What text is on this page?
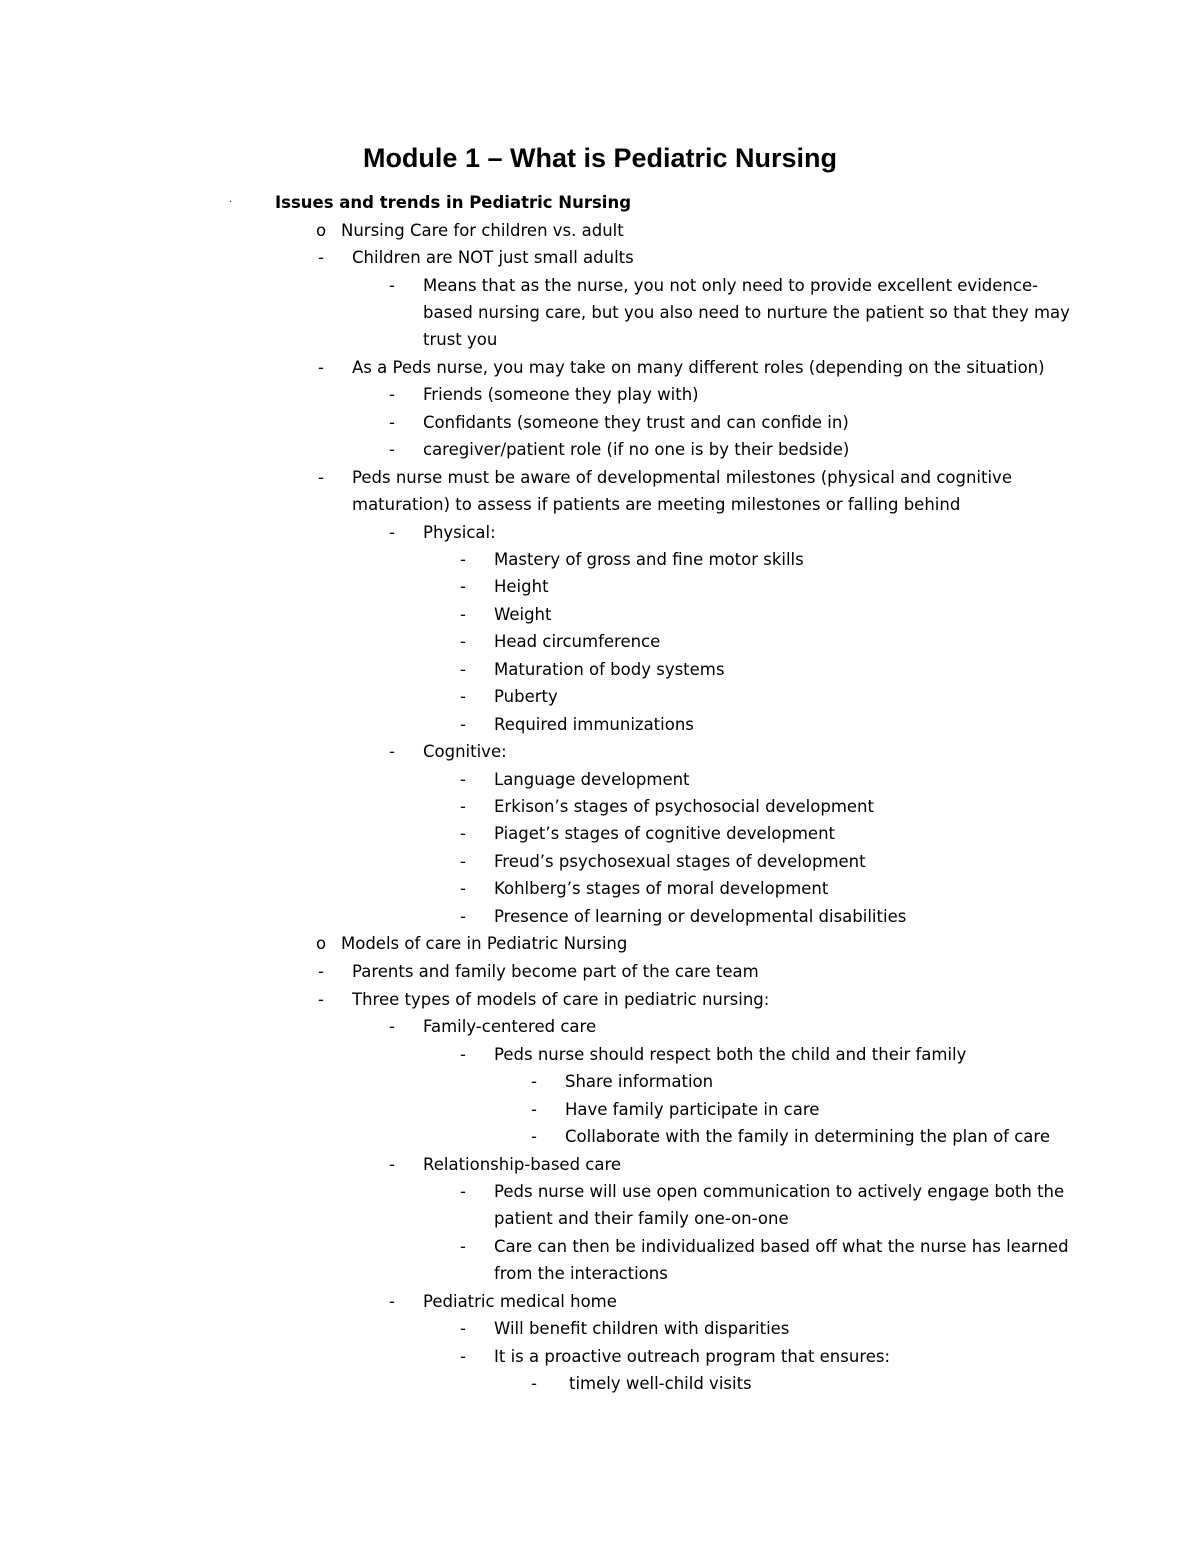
Module 1 – What is Pediatric Nursing
·	Issues and trends in Pediatric Nursing
o Nursing Care for children vs. adult
- Children are NOT just small adults
- Means that as the nurse, you not only need to provide excellent evidence-
based nursing care, but you also need to nurture the patient so that they may
trust you
- As a Peds nurse, you may take on many different roles (depending on the situation)
- Friends (someone they play with)
- Confidants (someone they trust and can confide in)
- caregiver/patient role (if no one is by their bedside)
- Peds nurse must be aware of developmental milestones (physical and cognitive
maturation) to assess if patients are meeting milestones or falling behind
- Physical:
- Mastery of gross and fine motor skills
- Height
- Weight
- Head circumference
- Maturation of body systems
- Puberty
- Required immunizations
- Cognitive:
- Language development
- Erkison’s stages of psychosocial development
- Piaget’s stages of cognitive development
- Freud’s psychosexual stages of development
- Kohlberg’s stages of moral development
- Presence of learning or developmental disabilities
o Models of care in Pediatric Nursing
- Parents and family become part of the care team
- Three types of models of care in pediatric nursing:
- Family-centered care
- Peds nurse should respect both the child and their family
- Share information
- Have family participate in care
- Collaborate with the family in determining the plan of care
- Relationship-based care
- Peds nurse will use open communication to actively engage both the
patient and their family one-on-one
- Care can then be individualized based off what the nurse has learned
from the interactions
- Pediatric medical home
- Will benefit children with disparities
- It is a proactive outreach program that ensures:
- timely well-child visits
